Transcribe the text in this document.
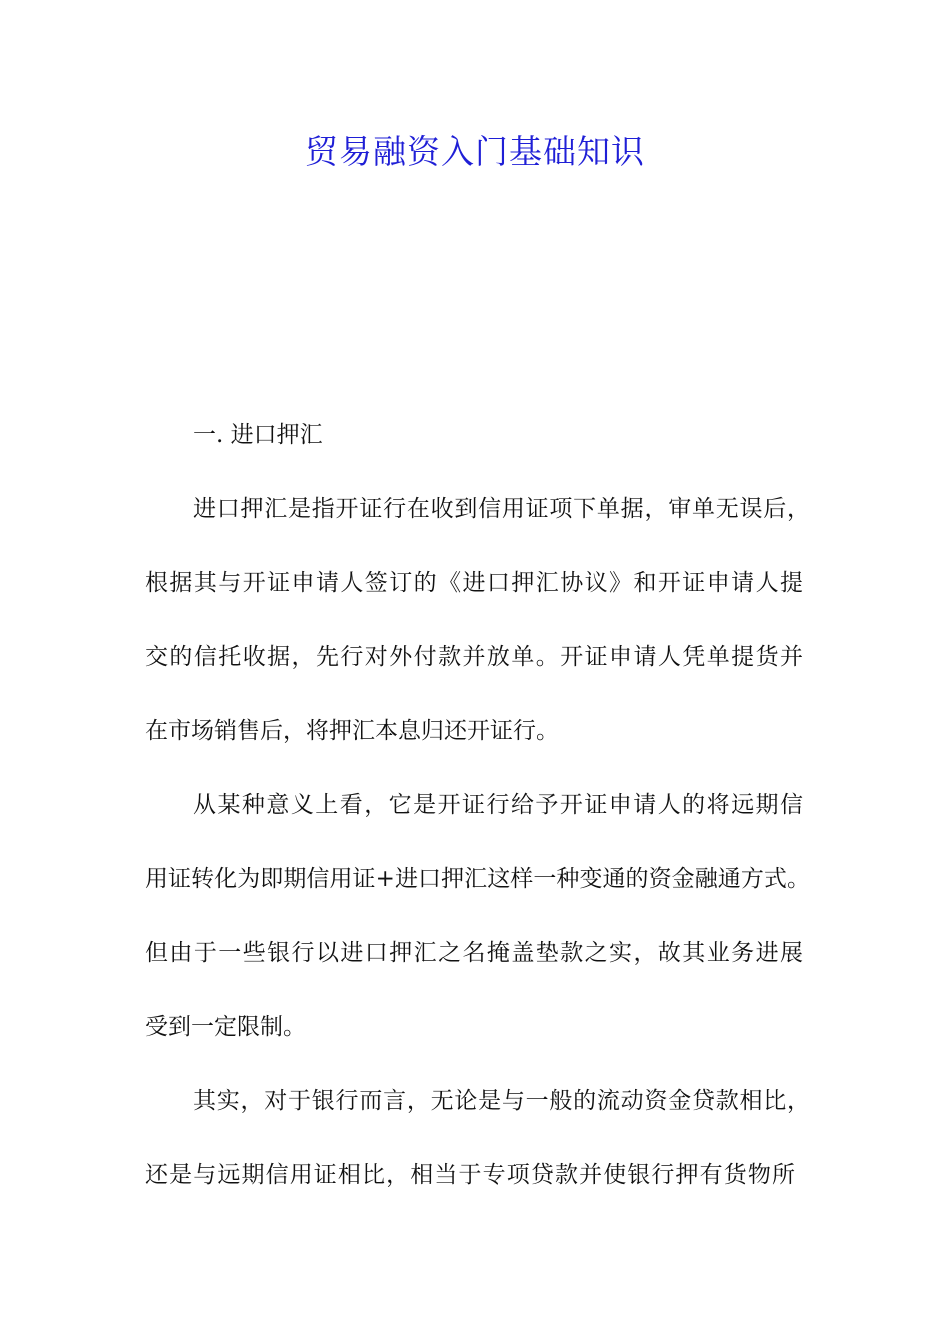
贸易融资入门基础知识
一. 进口押汇
进口押汇是指开证行在收到信用证项下单据，审单无误后，
根据其与开证申请人签订的《进口押汇协议》和开证申请人提
交的信托收据，先行对外付款并放单。开证申请人凭单提货并
在市场销售后，将押汇本息归还开证行。
从某种意义上看，它是开证行给予开证申请人的将远期信
用证转化为即期信用证+进口押汇这样一种变通的资金融通方式。
但由于一些银行以进口押汇之名掩盖垫款之实，故其业务进展
受到一定限制。
其实，对于银行而言，无论是与一般的流动资金贷款相比，
还是与远期信用证相比，相当于专项贷款并使银行押有货物所
